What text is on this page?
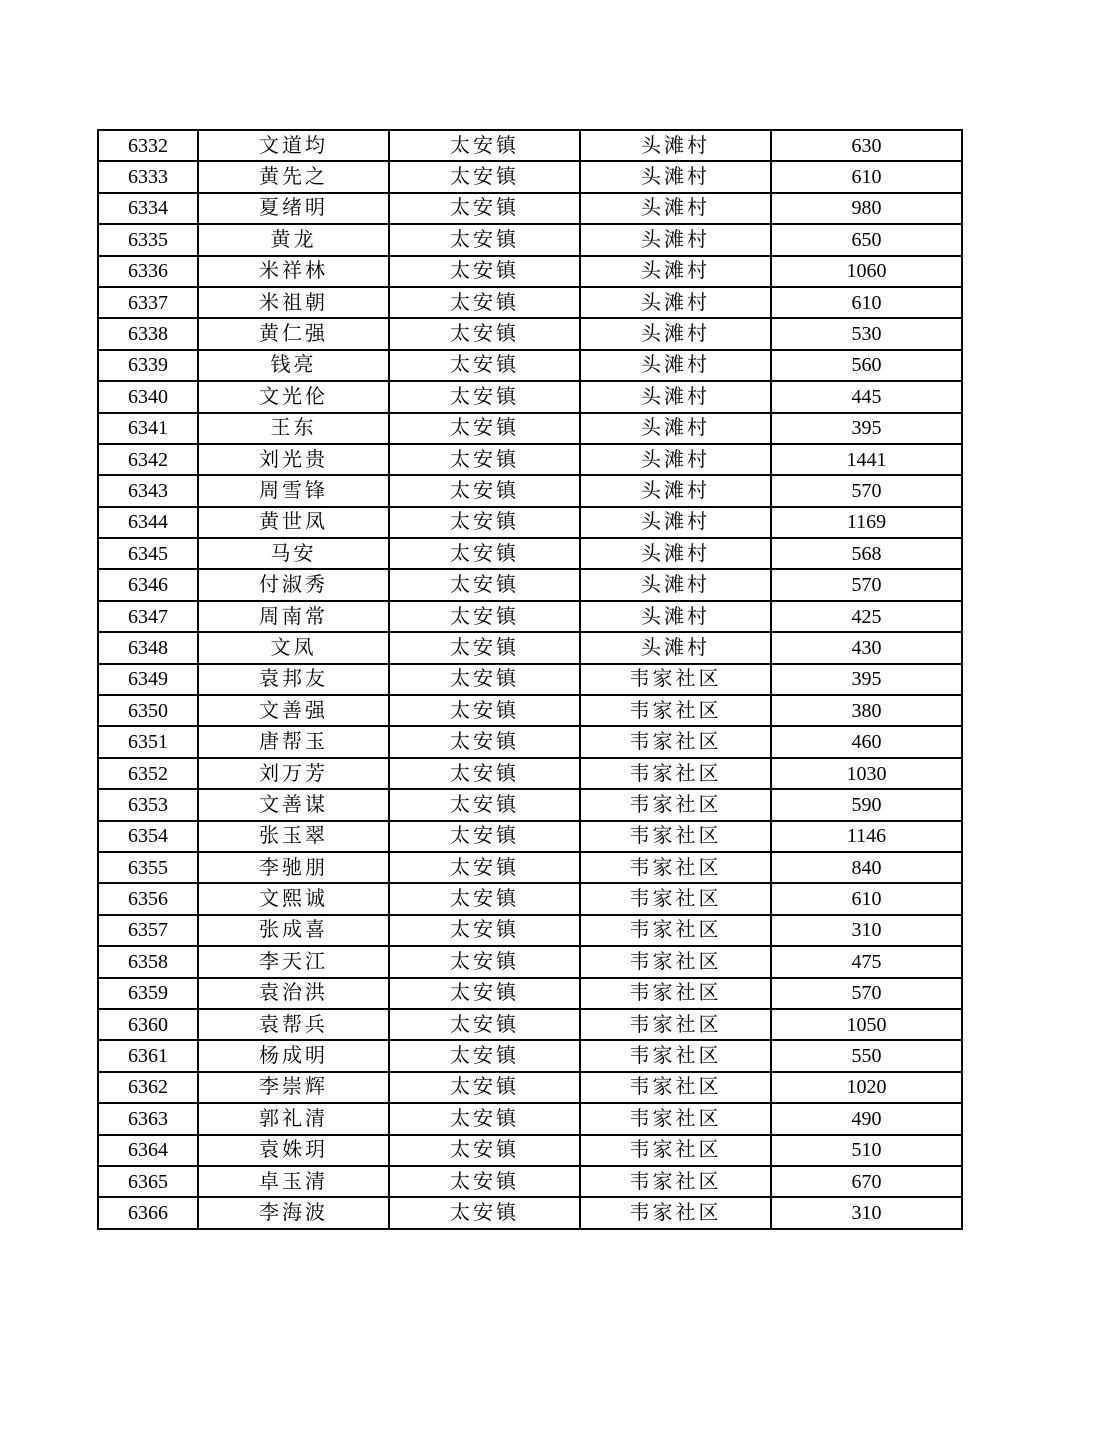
6332	文道均	太安镇	头滩村	630
6333	黄先之	太安镇	头滩村	610
6334	夏绪明	太安镇	头滩村	980
6335	黄龙	太安镇	头滩村	650
6336	米祥林	太安镇	头滩村	1060
6337	米祖朝	太安镇	头滩村	610
6338	黄仁强	太安镇	头滩村	530
6339	钱亮	太安镇	头滩村	560
6340	文光伦	太安镇	头滩村	445
6341	王东	太安镇	头滩村	395
6342	刘光贵	太安镇	头滩村	1441
6343	周雪锋	太安镇	头滩村	570
6344	黄世凤	太安镇	头滩村	1169
6345	马安	太安镇	头滩村	568
6346	付淑秀	太安镇	头滩村	570
6347	周南常	太安镇	头滩村	425
6348	文凤	太安镇	头滩村	430
6349	袁邦友	太安镇	韦家社区	395
6350	文善强	太安镇	韦家社区	380
6351	唐帮玉	太安镇	韦家社区	460
6352	刘万芳	太安镇	韦家社区	1030
6353	文善谋	太安镇	韦家社区	590
6354	张玉翠	太安镇	韦家社区	1146
6355	李驰朋	太安镇	韦家社区	840
6356	文熙诚	太安镇	韦家社区	610
6357	张成喜	太安镇	韦家社区	310
6358	李天江	太安镇	韦家社区	475
6359	袁治洪	太安镇	韦家社区	570
6360	袁帮兵	太安镇	韦家社区	1050
6361	杨成明	太安镇	韦家社区	550
6362	李崇辉	太安镇	韦家社区	1020
6363	郭礼清	太安镇	韦家社区	490
6364	袁姝玥	太安镇	韦家社区	510
6365	卓玉清	太安镇	韦家社区	670
6366	李海波	太安镇	韦家社区	310
